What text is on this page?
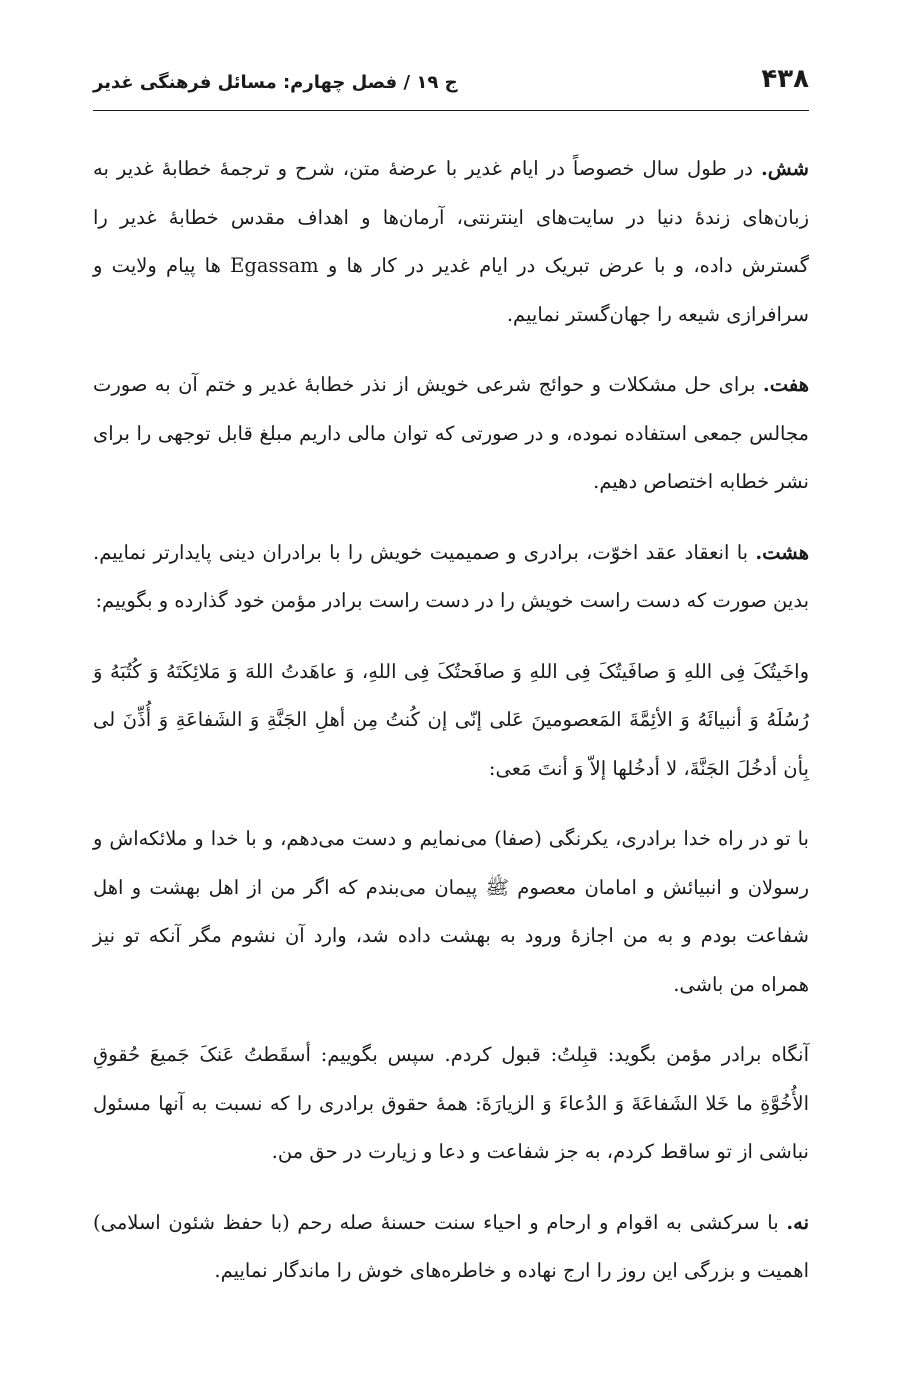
۴۳۸
ج ۱۹ / فصل چهارم: مسائل فرهنگی غدیر

شش. در طول سال خصوصاً در ایام غدیر با عرضهٔ متن، شرح و ترجمهٔ خطابهٔ غدیر به زبان‌های زندهٔ دنیا در سایت‌های اینترنتی، آرمان‌ها و اهداف مقدس خطابهٔ غدیر را گسترش داده، و با عرض تبریک در ایام غدیر در کار ها و Egassam ها پیام ولایت و سرافرازی شیعه را جهان‌گستر نماییم.

هفت. برای حل مشکلات و حوائج شرعی خویش از نذر خطابهٔ غدیر و ختم آن به صورت مجالس جمعی استفاده نموده، و در صورتی که توان مالی داریم مبلغ قابل توجهی را برای نشر خطابه اختصاص دهیم.

هشت. با انعقاد عقد اخوّت، برادری و صمیمیت خویش را با برادران دینی پایدارتر نماییم. بدین صورت که دست راست خویش را در دست راست برادر مؤمن خود گذارده و بگوییم:

واخَیتُکَ فِی اللهِ وَ صافَیتُکَ فِی اللهِ وَ صافَحتُکَ فِی اللهِ، وَ عاهَدتُ اللهَ وَ مَلائِکَتَهُ وَ کُتُبَهُ وَ رُسُلَهُ وَ أنبیائَهُ وَ الأئِمَّةَ المَعصومینَ عَلی إنّی إن کُنتُ مِن أهلِ الجَنَّةِ وَ الشَفاعَةِ وَ أُذِّنَ لی بِأن أدخُلَ الجَنَّةَ، لا أدخُلها إلاّ وَ أنتَ مَعی:

با تو در راه خدا برادری، یکرنگی (صفا) می‌نمایم و دست می‌دهم، و با خدا و ملائکه‌اش و رسولان و انبیائش و امامان معصوم ﷺ پیمان می‌بندم که اگر من از اهل بهشت و اهل شفاعت بودم و به من اجازهٔ ورود به بهشت داده شد، وارد آن نشوم مگر آنکه تو نیز همراه من باشی.

آنگاه برادر مؤمن بگوید: قبِلتُ: قبول کردم. سپس بگوییم: أسقَطتُ عَنکَ جَمیعَ حُقوقِ الأُخُوَّةِ ما خَلا الشَفاعَةَ وَ الدُعاءَ وَ الزیارَةَ: همهٔ حقوق برادری را که نسبت به آنها مسئول نباشی از تو ساقط کردم، به جز شفاعت و دعا و زیارت در حق من.

نه. با سرکشی به اقوام و ارحام و احیاء سنت حسنهٔ صله رحم (با حفظ شئون اسلامی) اهمیت و بزرگی این روز را ارج نهاده و خاطره‌های خوش را ماندگار نماییم.
